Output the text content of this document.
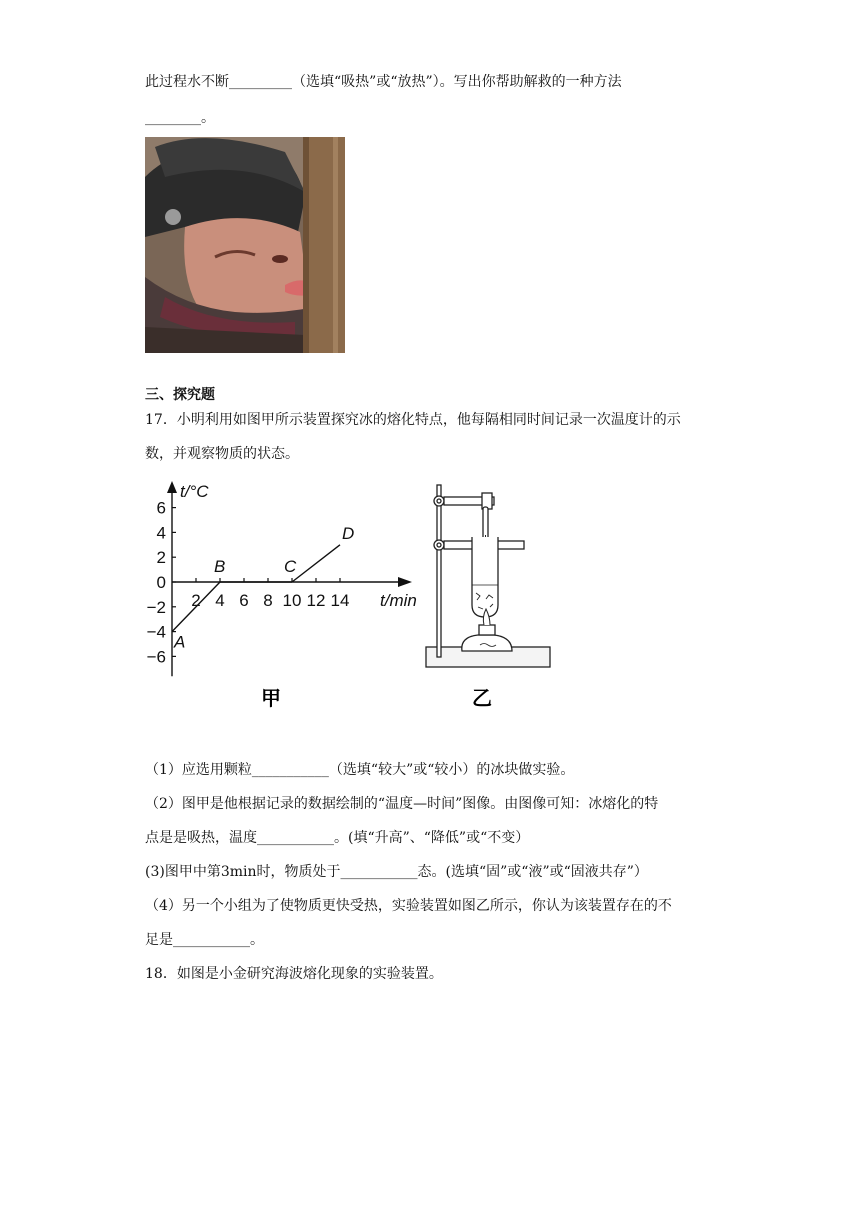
此过程水不断_________（选填“吸热”或“放热”）。写出你帮助解救的一种方法
________。
三、探究题
17．小明利用如图甲所示装置探究冰的熔化特点，他每隔相同时间记录一次温度计的示
数，并观察物质的状态。
t/°C
t/min
−6
−4
−2
0
2
4
6
2 4 6 8 10 12 14
A
B	C
D
甲	乙
（1）应选用颗粒___________（选填“较大”或“较小）的冰块做实验。
（2）图甲是他根据记录的数据绘制的“温度—时间”图像。由图像可知：冰熔化的特
点是是吸热，温度___________。(填“升高”、“降低”或“不变）
(3)图甲中第3min时，物质处于___________态。(选填“固”或“液”或“固液共存”）
（4）另一个小组为了使物质更快受热，实验装置如图乙所示，你认为该装置存在的不
足是___________。
18．如图是小金研究海波熔化现象的实验装置。
